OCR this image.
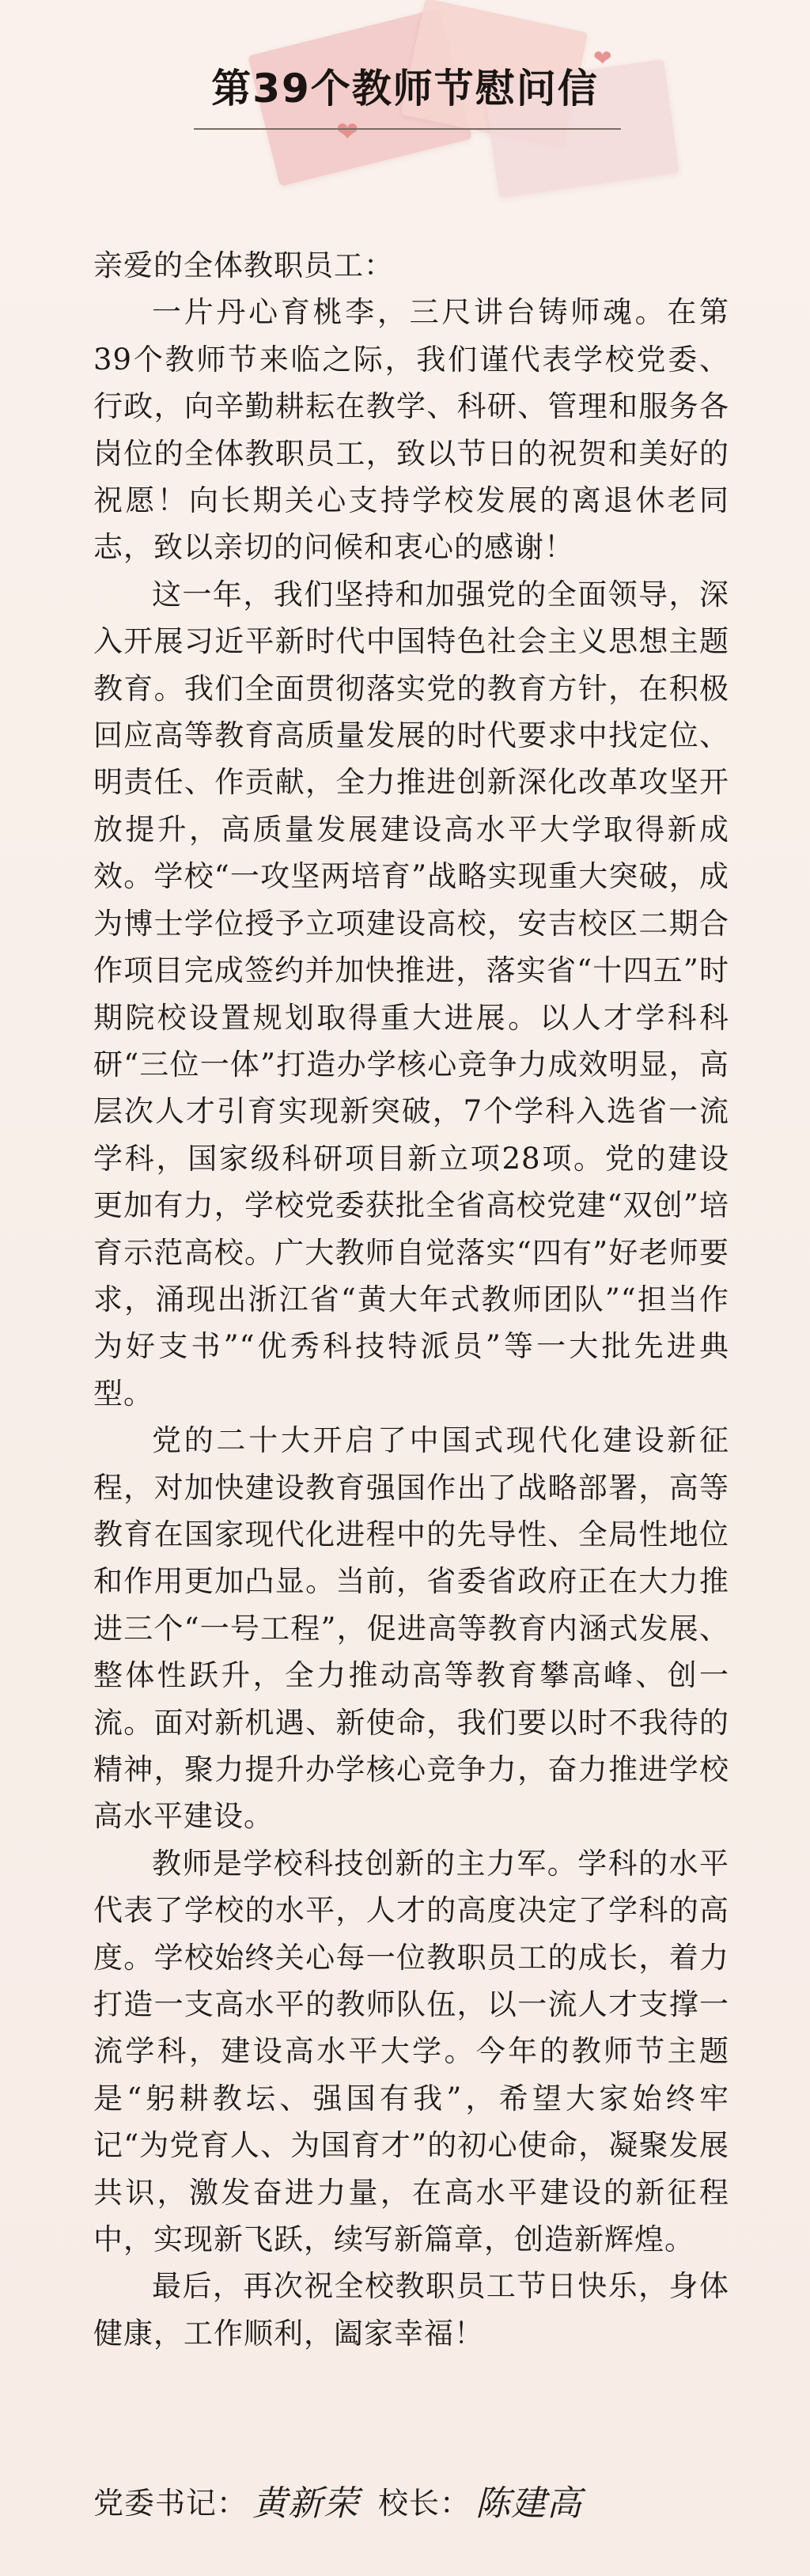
❤
❤
第39个教师节慰问信

亲爱的全体教职员工：

一片丹心育桃李，三尺讲台铸师魂。在第39个教师节来临之际，我们谨代表学校党委、行政，向辛勤耕耘在教学、科研、管理和服务各岗位的全体教职员工，致以节日的祝贺和美好的祝愿！向长期关心支持学校发展的离退休老同志，致以亲切的问候和衷心的感谢！

这一年，我们坚持和加强党的全面领导，深入开展习近平新时代中国特色社会主义思想主题教育。我们全面贯彻落实党的教育方针，在积极回应高等教育高质量发展的时代要求中找定位、明责任、作贡献，全力推进创新深化改革攻坚开放提升，高质量发展建设高水平大学取得新成效。学校“一攻坚两培育”战略实现重大突破，成为博士学位授予立项建设高校，安吉校区二期合作项目完成签约并加快推进，落实省“十四五”时期院校设置规划取得重大进展。以人才学科科研“三位一体”打造办学核心竞争力成效明显，高层次人才引育实现新突破，7个学科入选省一流学科，国家级科研项目新立项28项。党的建设更加有力，学校党委获批全省高校党建“双创”培育示范高校。广大教师自觉落实“四有”好老师要求，涌现出浙江省“黄大年式教师团队”“担当作为好支书”“优秀科技特派员”等一大批先进典型。

党的二十大开启了中国式现代化建设新征程，对加快建设教育强国作出了战略部署，高等教育在国家现代化进程中的先导性、全局性地位和作用更加凸显。当前，省委省政府正在大力推进三个“一号工程”，促进高等教育内涵式发展、整体性跃升，全力推动高等教育攀高峰、创一流。面对新机遇、新使命，我们要以时不我待的精神，聚力提升办学核心竞争力，奋力推进学校高水平建设。

教师是学校科技创新的主力军。学科的水平代表了学校的水平，人才的高度决定了学科的高度。学校始终关心每一位教职员工的成长，着力打造一支高水平的教师队伍，以一流人才支撑一流学科，建设高水平大学。今年的教师节主题是“躬耕教坛、强国有我”，希望大家始终牢记“为党育人、为国育才”的初心使命，凝聚发展共识，激发奋进力量，在高水平建设的新征程中，实现新飞跃，续写新篇章，创造新辉煌。

最后，再次祝全校教职员工节日快乐，身体健康，工作顺利，阖家幸福！

党委书记： 黄新荣 校长： 陈建高
